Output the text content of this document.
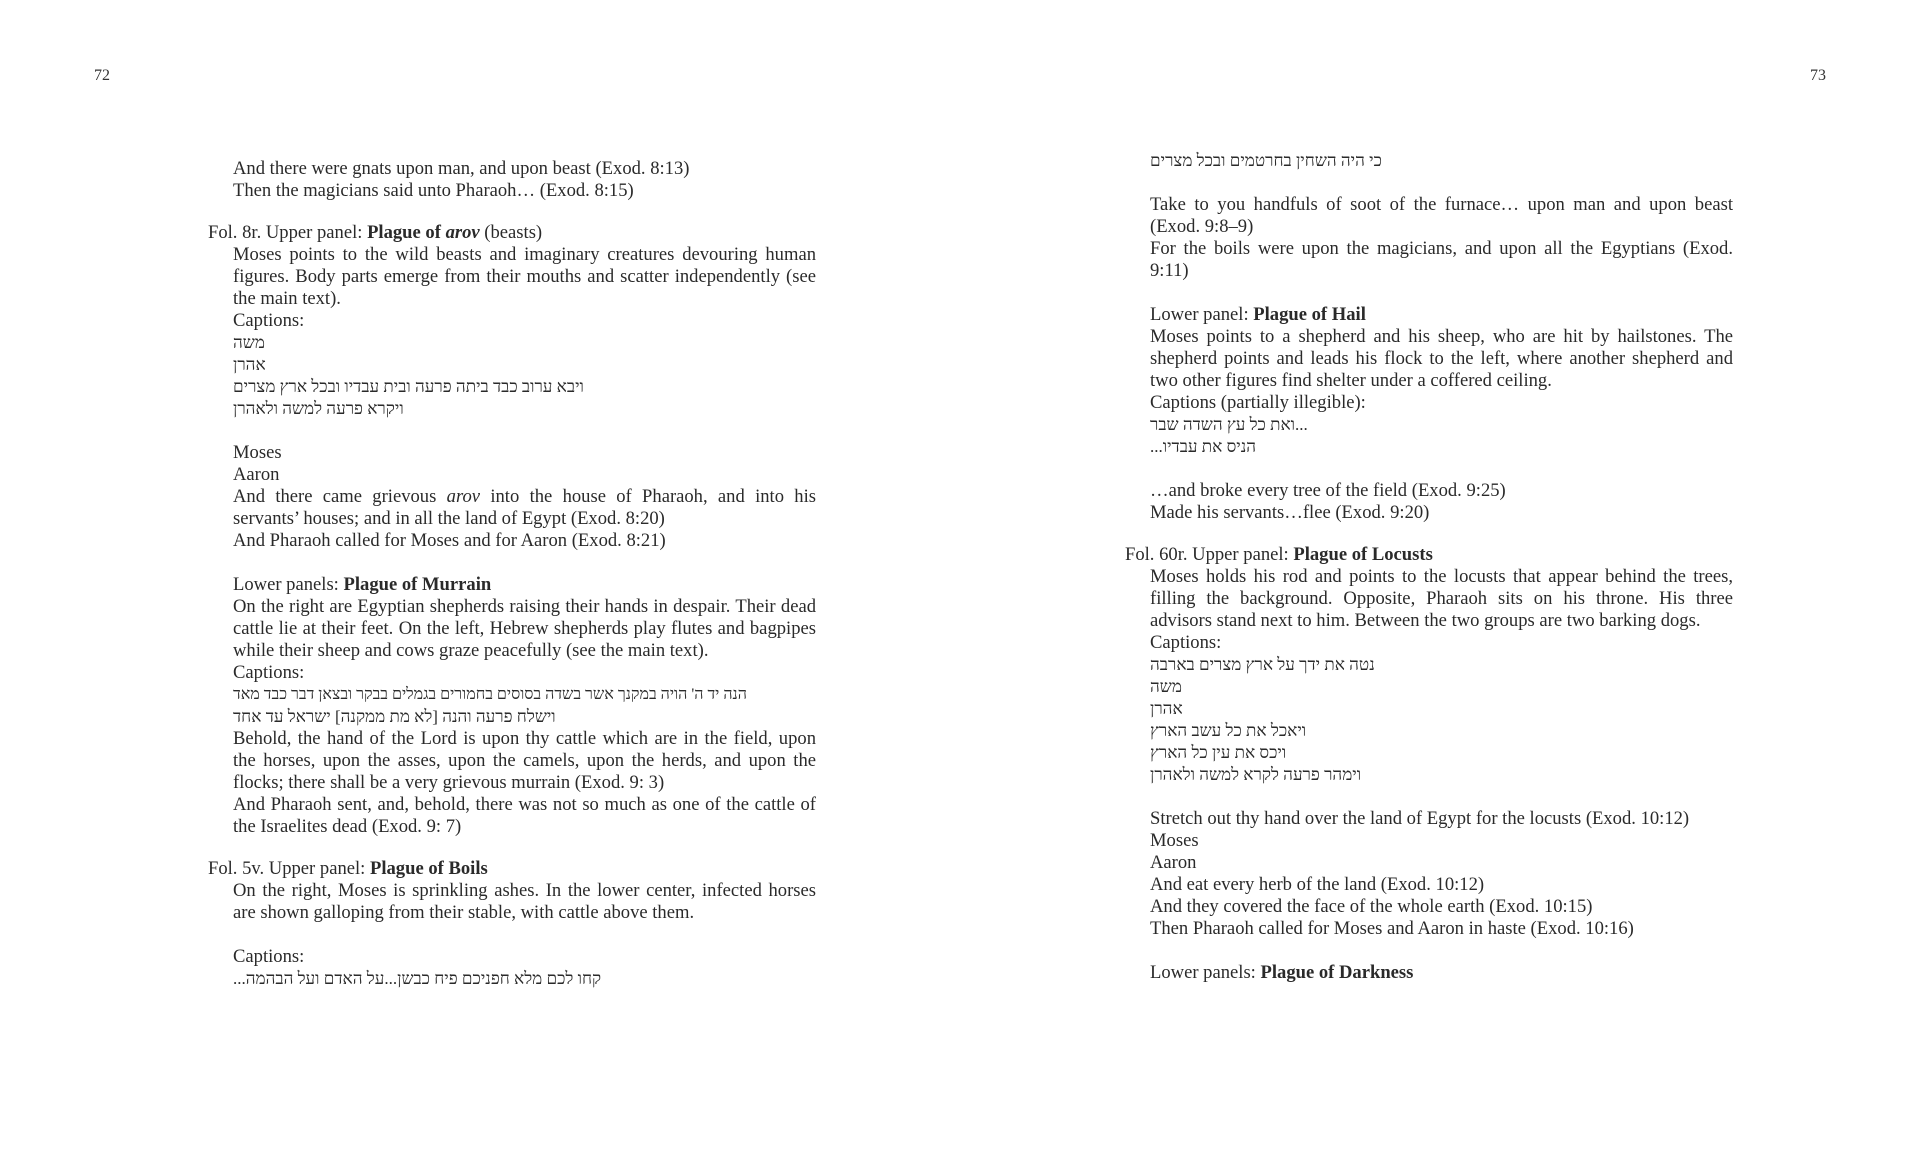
72
And there were gnats upon man, and upon beast (Exod. 8:13)
Then the magicians said unto Pharaoh… (Exod. 8:15)
Fol. 8r. Upper panel: Plague of arov (beasts)
Moses points to the wild beasts and imaginary creatures devouring human figures. Body parts emerge from their mouths and scatter independently (see the main text).
Captions:
משה
אהרן
ויבא ערוב כבד ביתה פרעה ובית עבדיו ובכל ארץ מצרים
ויקרא פרעה למשה ולאהרן
Moses
Aaron
And there came grievous arov into the house of Pharaoh, and into his servants’ houses; and in all the land of Egypt (Exod. 8:20)
And Pharaoh called for Moses and for Aaron (Exod. 8:21)
Lower panels: Plague of Murrain
On the right are Egyptian shepherds raising their hands in despair. Their dead cattle lie at their feet. On the left, Hebrew shepherds play flutes and bagpipes while their sheep and cows graze peacefully (see the main text).
Captions:
הנה יד ה' הויה במקנך אשר בשדה בסוסים בחמורים בגמלים בבקר ובצאן דבר כבד מאד
וישלח פרעה והנה [לא מת ממקנה] ישראל עד אחד
Behold, the hand of the Lord is upon thy cattle which are in the field, upon the horses, upon the asses, upon the camels, upon the herds, and upon the flocks; there shall be a very grievous murrain (Exod. 9: 3)
And Pharaoh sent, and, behold, there was not so much as one of the cattle of the Israelites dead (Exod. 9: 7)
Fol. 5v. Upper panel: Plague of Boils
On the right, Moses is sprinkling ashes. In the lower center, infected horses are shown galloping from their stable, with cattle above them.
Captions:
קחו לכם מלא חפניכם פיח כבשן...על האדם ועל הבהמה...
73
כי היה השחין בחרטמים ובכל מצרים
Take to you handfuls of soot of the furnace… upon man and upon beast (Exod. 9:8–9)
For the boils were upon the magicians, and upon all the Egyptians (Exod. 9:11)
Lower panel: Plague of Hail
Moses points to a shepherd and his sheep, who are hit by hailstones. The shepherd points and leads his flock to the left, where another shepherd and two other figures find shelter under a coffered ceiling.
Captions (partially illegible):
...ואת כל עץ השדה שבר
הניס את עבדיו...
…and broke every tree of the field (Exod. 9:25)
Made his servants…flee (Exod. 9:20)
Fol. 60r. Upper panel: Plague of Locusts
Moses holds his rod and points to the locusts that appear behind the trees, filling the background. Opposite, Pharaoh sits on his throne. His three advisors stand next to him. Between the two groups are two barking dogs.
Captions:
נטה את ידך על ארץ מצרים בארבה
משה
אהרן
ויאכל את כל עשב הארץ
ויכס את עין כל הארץ
וימהר פרעה לקרא למשה ולאהרן
Stretch out thy hand over the land of Egypt for the locusts (Exod. 10:12)
Moses
Aaron
And eat every herb of the land (Exod. 10:12)
And they covered the face of the whole earth (Exod. 10:15)
Then Pharaoh called for Moses and Aaron in haste (Exod. 10:16)
Lower panels: Plague of Darkness
